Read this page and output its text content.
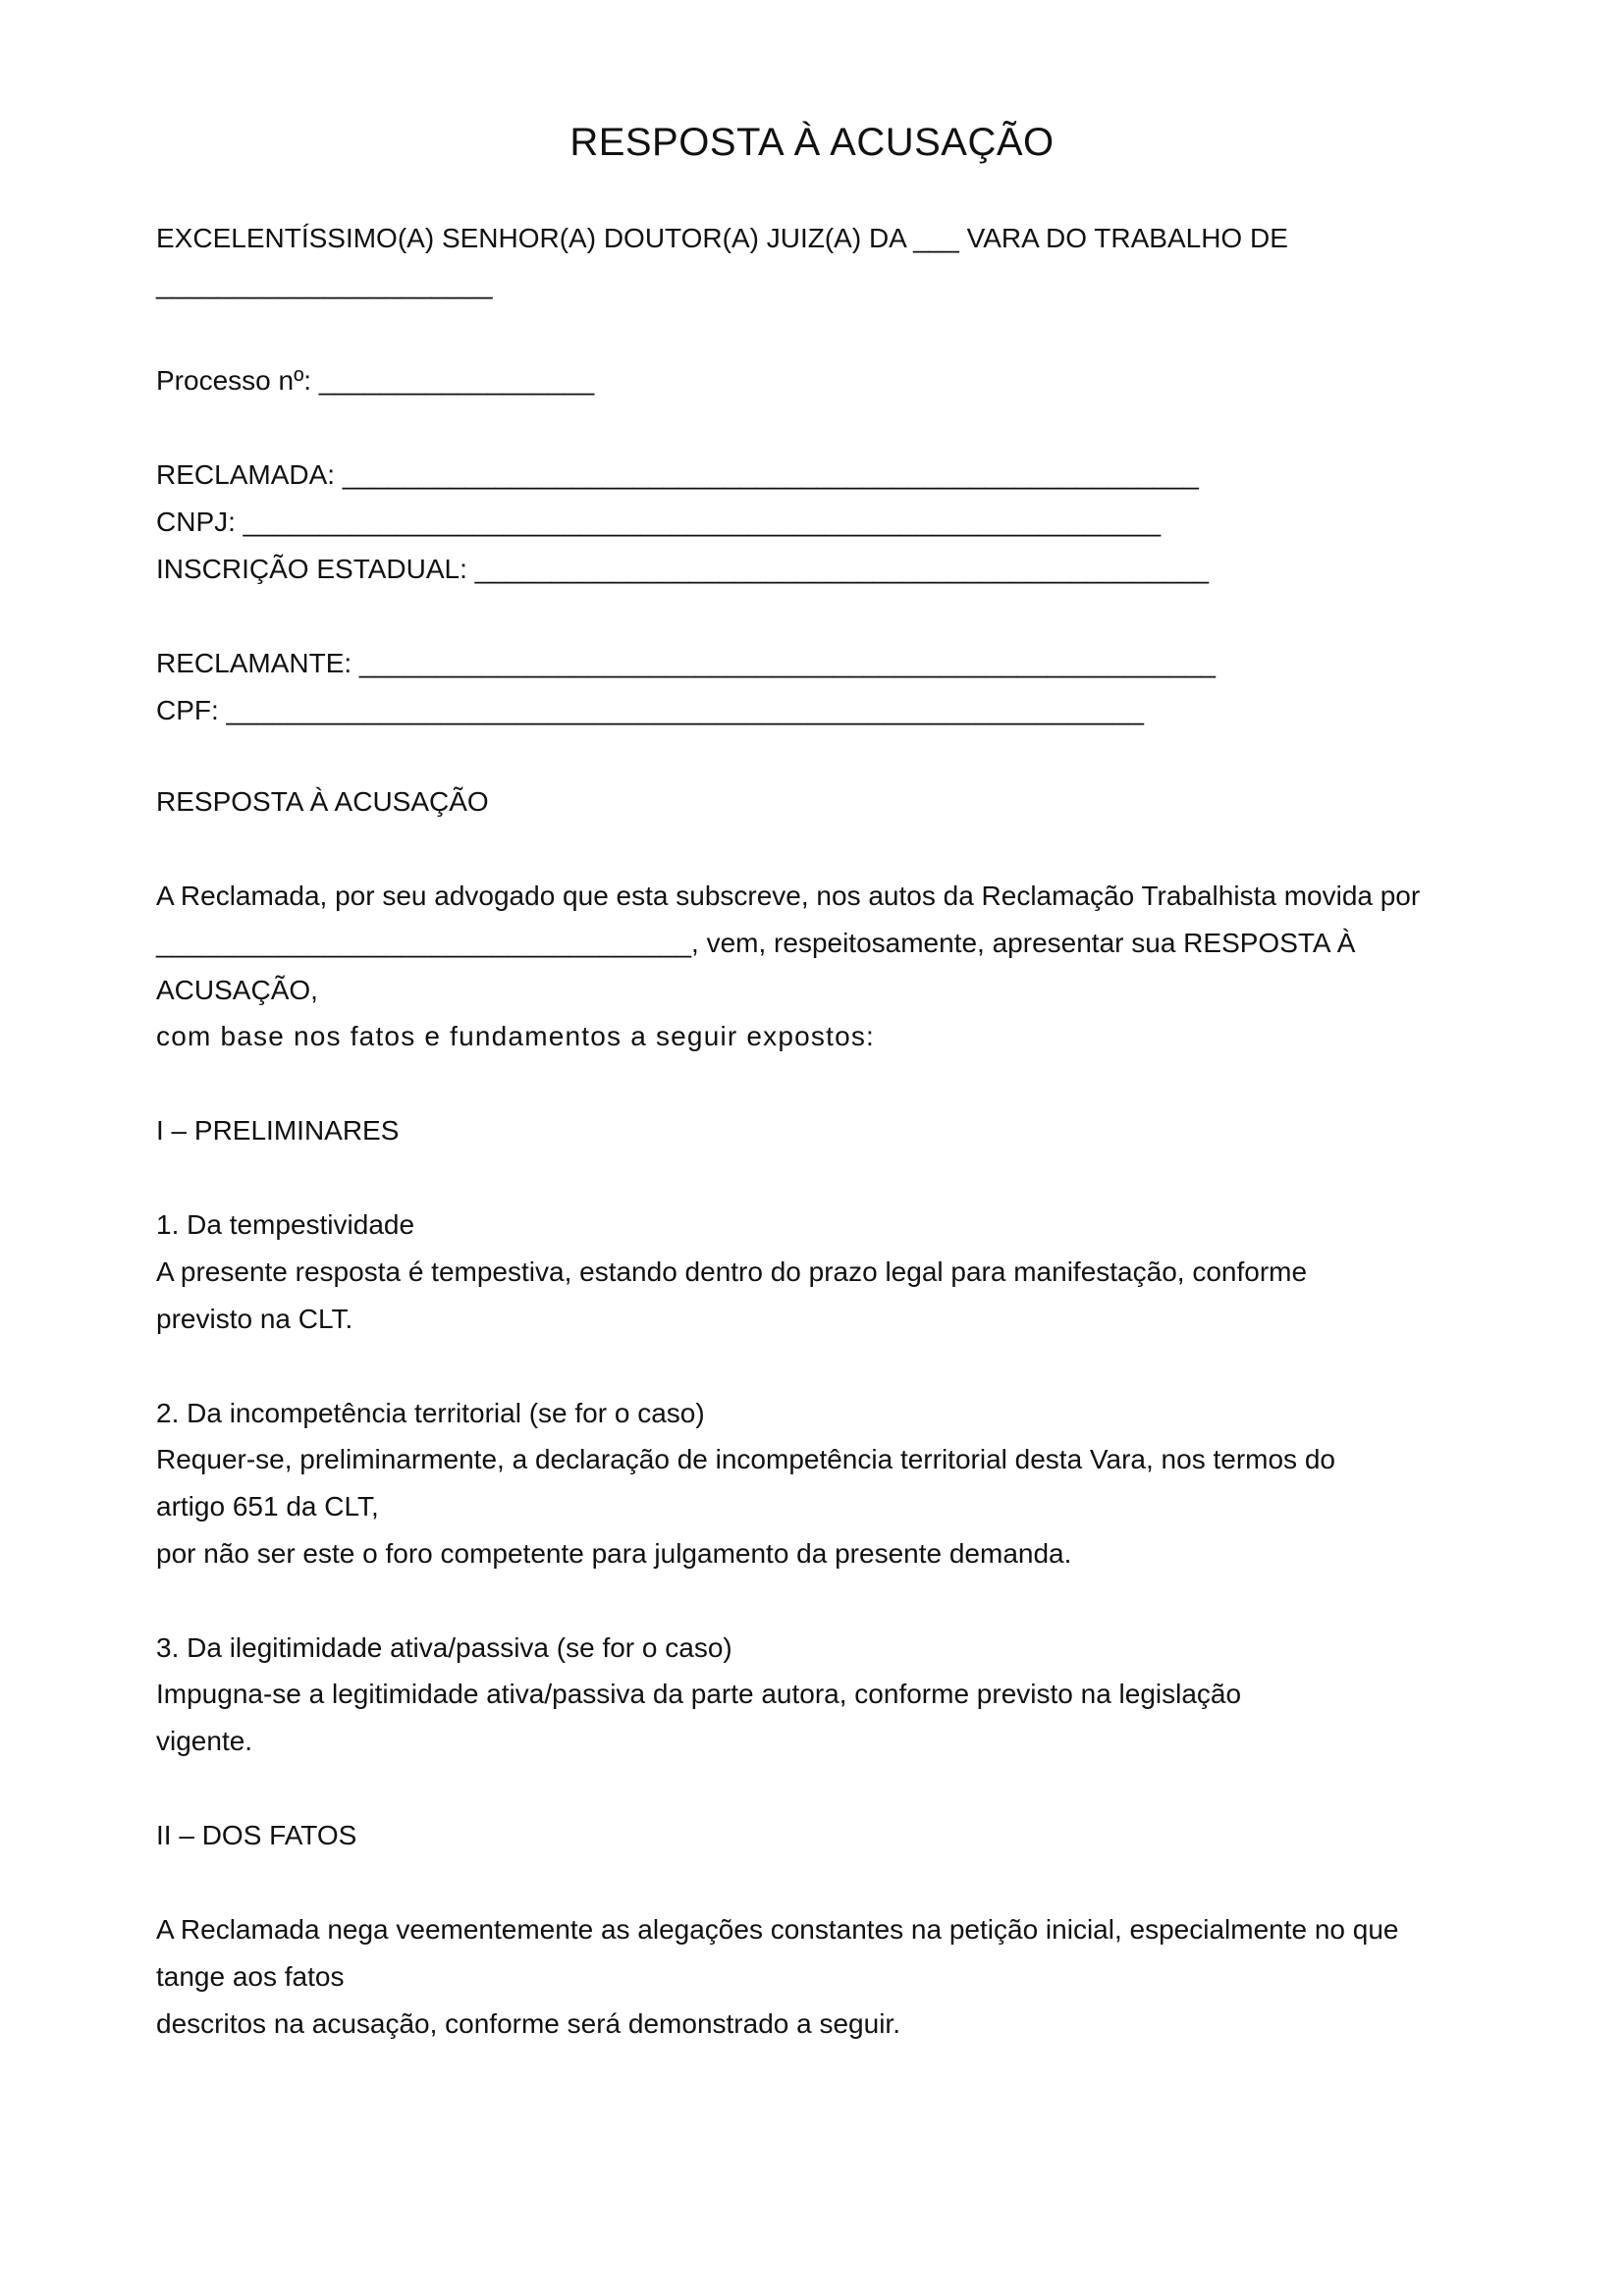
RESPOSTA À ACUSAÇÃO

EXCELENTÍSSIMO(A) SENHOR(A) DOUTOR(A) JUIZ(A) DA ___ VARA DO TRABALHO DE

______________________

Processo nº: __________________

RECLAMADA: ________________________________________________________

CNPJ: ____________________________________________________________

INSCRIÇÃO ESTADUAL: ________________________________________________

RECLAMANTE: ________________________________________________________

CPF: ____________________________________________________________

RESPOSTA À ACUSAÇÃO

A Reclamada, por seu advogado que esta subscreve, nos autos da Reclamação Trabalhista movida por

___________________________________, vem, respeitosamente, apresentar sua RESPOSTA À

ACUSAÇÃO,

com base nos fatos e fundamentos a seguir expostos:

I – PRELIMINARES

1. Da tempestividade

A presente resposta é tempestiva, estando dentro do prazo legal para manifestação, conforme

previsto na CLT.

2. Da incompetência territorial (se for o caso)

Requer-se, preliminarmente, a declaração de incompetência territorial desta Vara, nos termos do

artigo 651 da CLT,

por não ser este o foro competente para julgamento da presente demanda.

3. Da ilegitimidade ativa/passiva (se for o caso)

Impugna-se a legitimidade ativa/passiva da parte autora, conforme previsto na legislação

vigente.

II – DOS FATOS

A Reclamada nega veementemente as alegações constantes na petição inicial, especialmente no que

tange aos fatos

descritos na acusação, conforme será demonstrado a seguir.
